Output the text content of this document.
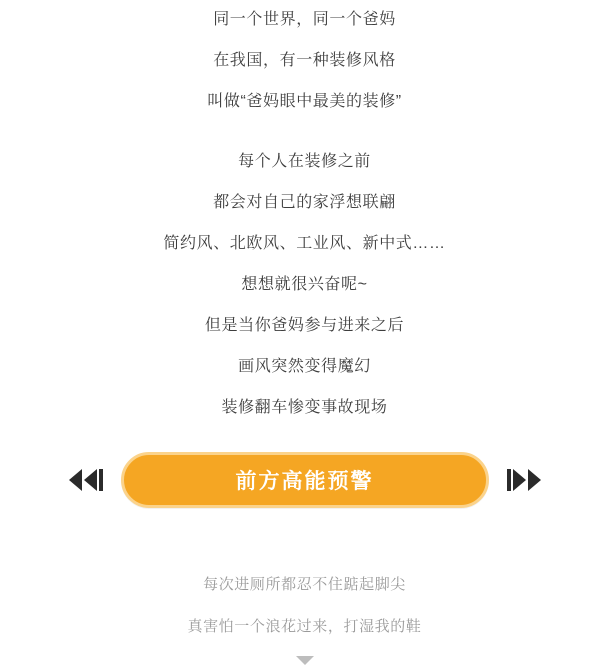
同一个世界，同一个爸妈
在我国，有一种装修风格
叫做“爸妈眼中最美的装修”
每个人在装修之前
都会对自己的家浮想联翩
简约风、北欧风、工业风、新中式……
想想就很兴奋呢~
但是当你爸妈参与进来之后
画风突然变得魔幻
装修翻车惨变事故现场
前方高能预警
每次进厕所都忍不住踮起脚尖
真害怕一个浪花过来，打湿我的鞋
